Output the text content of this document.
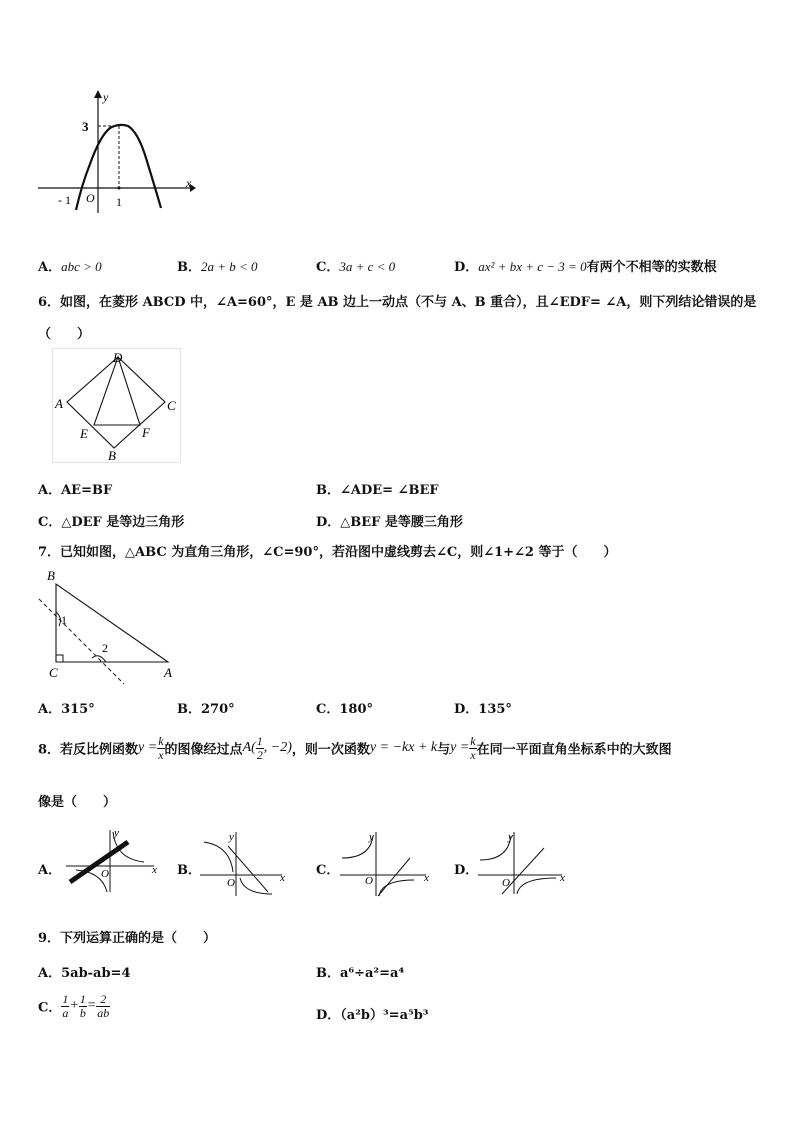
y
x
3
O 1
- 1
A．abc > 0	B．2a + b < 0	C．3a + c < 0	D．ax² + bx + c − 3 = 0有两个不相等的实数根
6．如图，在菱形 ABCD 中，∠A=60°，E 是 AB 边上一动点（不与 A、B 重合），且∠EDF= ∠A，则下列结论错误的是
（　　）
D
A	C
E	F
B
A．AE=BF	B．∠ADE= ∠BEF
C．△DEF 是等边三角形	D．△BEF 是等腰三角形
7．已知如图，△ABC 为直角三角形，∠C=90°，若沿图中虚线剪去∠C，则∠1+∠2 等于（　　）
B
C	A
1
2
A．315°	B．270°	C．180°	D．135°
8．若反比例函数$y = \frac{k}{x}$ 的图像经过点$A( \frac{1}{2}$ , −2)，则一次函数y = −kx + k与$y = \frac{k}{x}$ 在同一平面直角坐标系中的大致图
像是（　　）
A．	x
y
O	B．	x
y
O
C．	x
y
O
D．	x
y
O
9．下列运算正确的是（　　）
A．5ab-ab=4	B．a⁶÷a²=a⁴
C． $\frac{1}{a} + \frac{1}{b} = \frac{2}{ab}$	D．（a²b）³=a⁵b³
